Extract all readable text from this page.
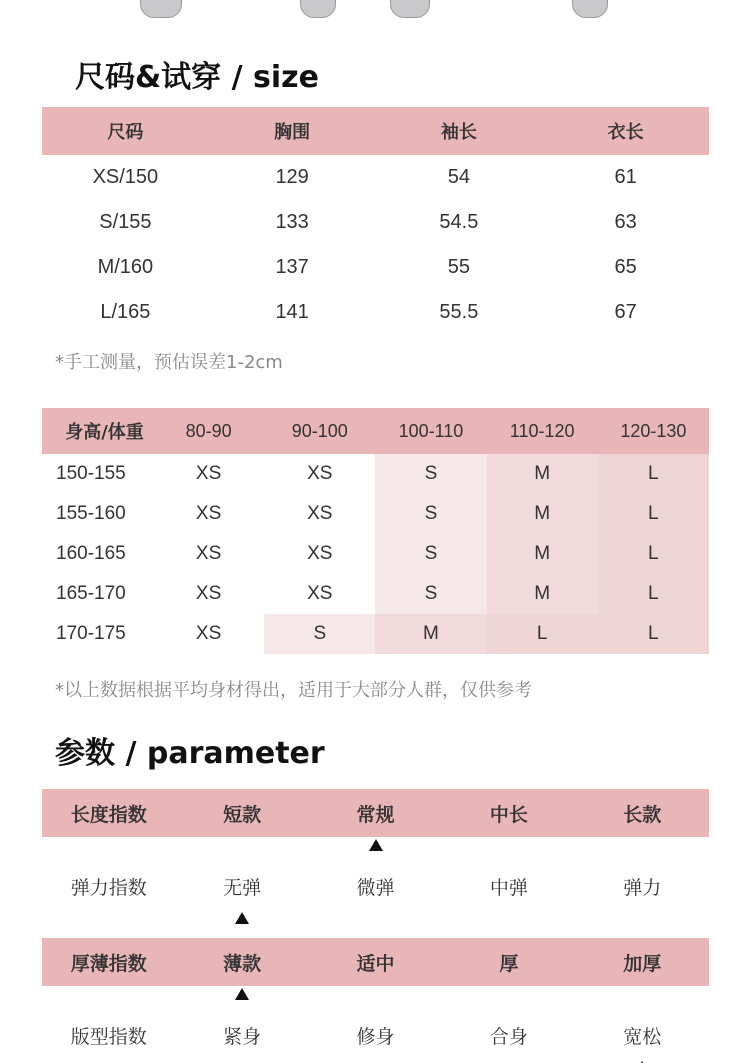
尺码&试穿 / size
尺码	胸围	袖长	衣长
XS/150	129	54	61
S/155	133	54.5	63
M/160	137	55	65
L/165	141	55.5	67

*手工测量，预估误差1-2cm

身高/体重	80-90	90-100	100-110	110-120	120-130
150-155	XS	XS	S	M	L
155-160	XS	XS	S	M	L
160-165	XS	XS	S	M	L
165-170	XS	XS	S	M	L
170-175	XS	S	M	L	L

*以上数据根据平均身材得出，适用于大部分人群，仅供参考

参数 / parameter
长度指数	短款	常规	中长	长款
弹力指数	无弹	微弹	中弹	弹力
厚薄指数	薄款	适中	厚	加厚
版型指数	紧身	修身	合身	宽松
